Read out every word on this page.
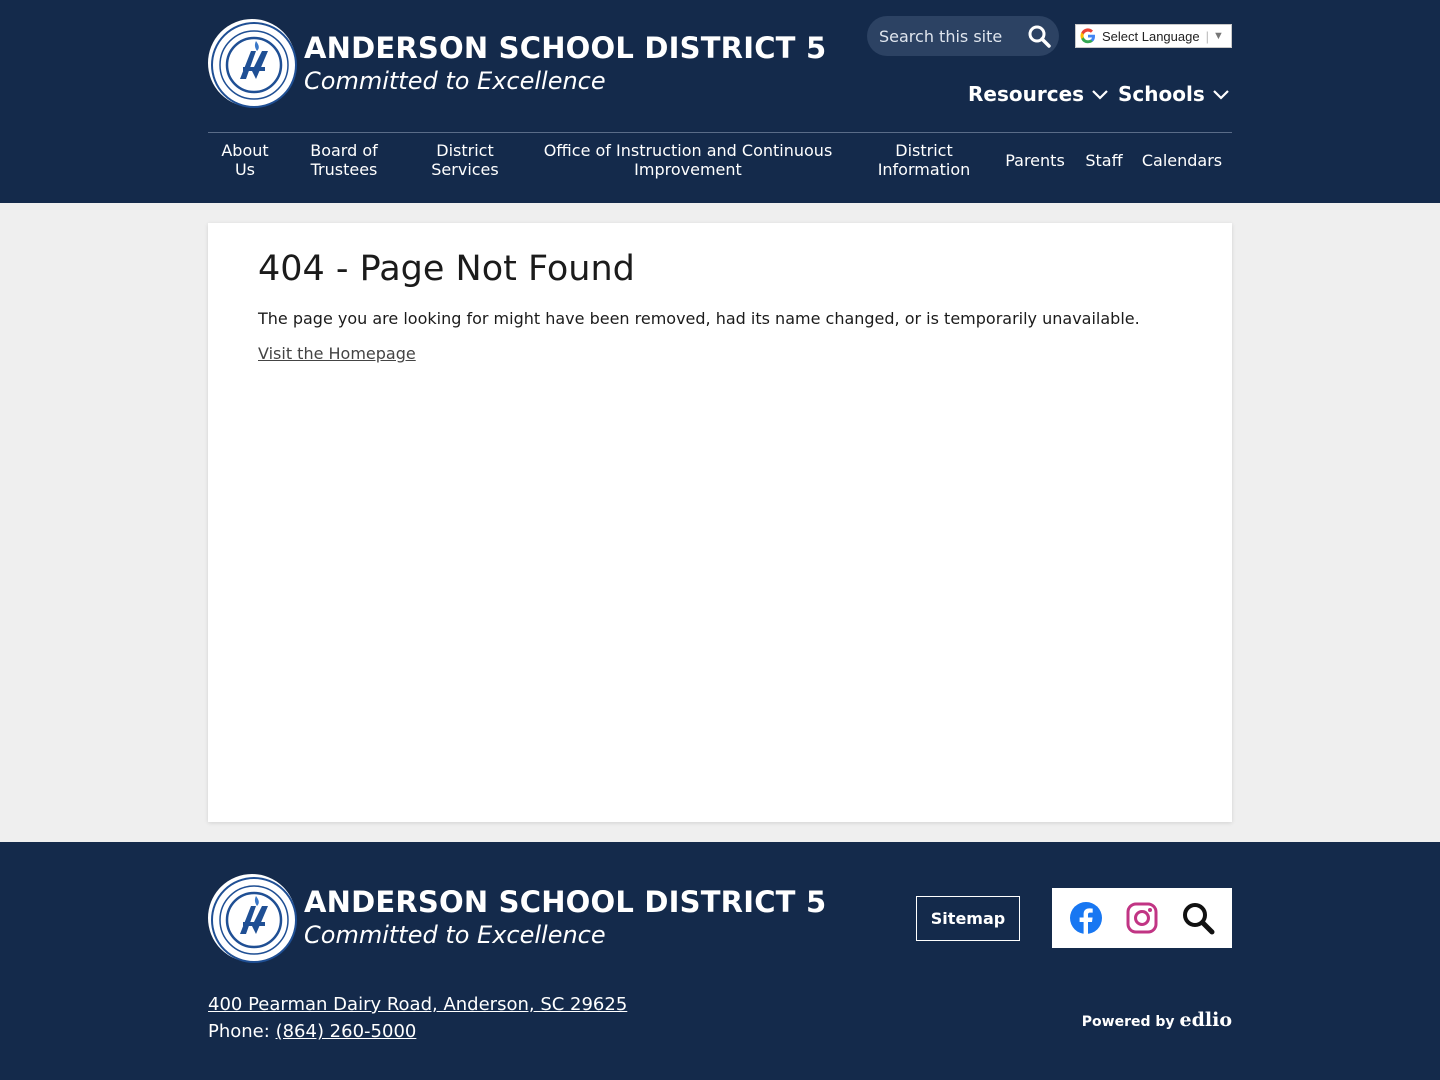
ANDERSON SCHOOL DISTRICT 5
Committed to Excellence
Search this site
Select Language | ▼
Resources Schools
About Us
Board of Trustees
District Services
Office of Instruction and Continuous Improvement
District Information	Parents	Staff Calendars
404 - Page Not Found

The page you are looking for might have been removed, had its name changed, or is temporarily unavailable.

Visit the Homepage
ANDERSON SCHOOL DISTRICT 5
Committed to Excellence
Sitemap
400 Pearman Dairy Road, Anderson, SC 29625
Phone: (864) 260-5000	Powered by edlio
